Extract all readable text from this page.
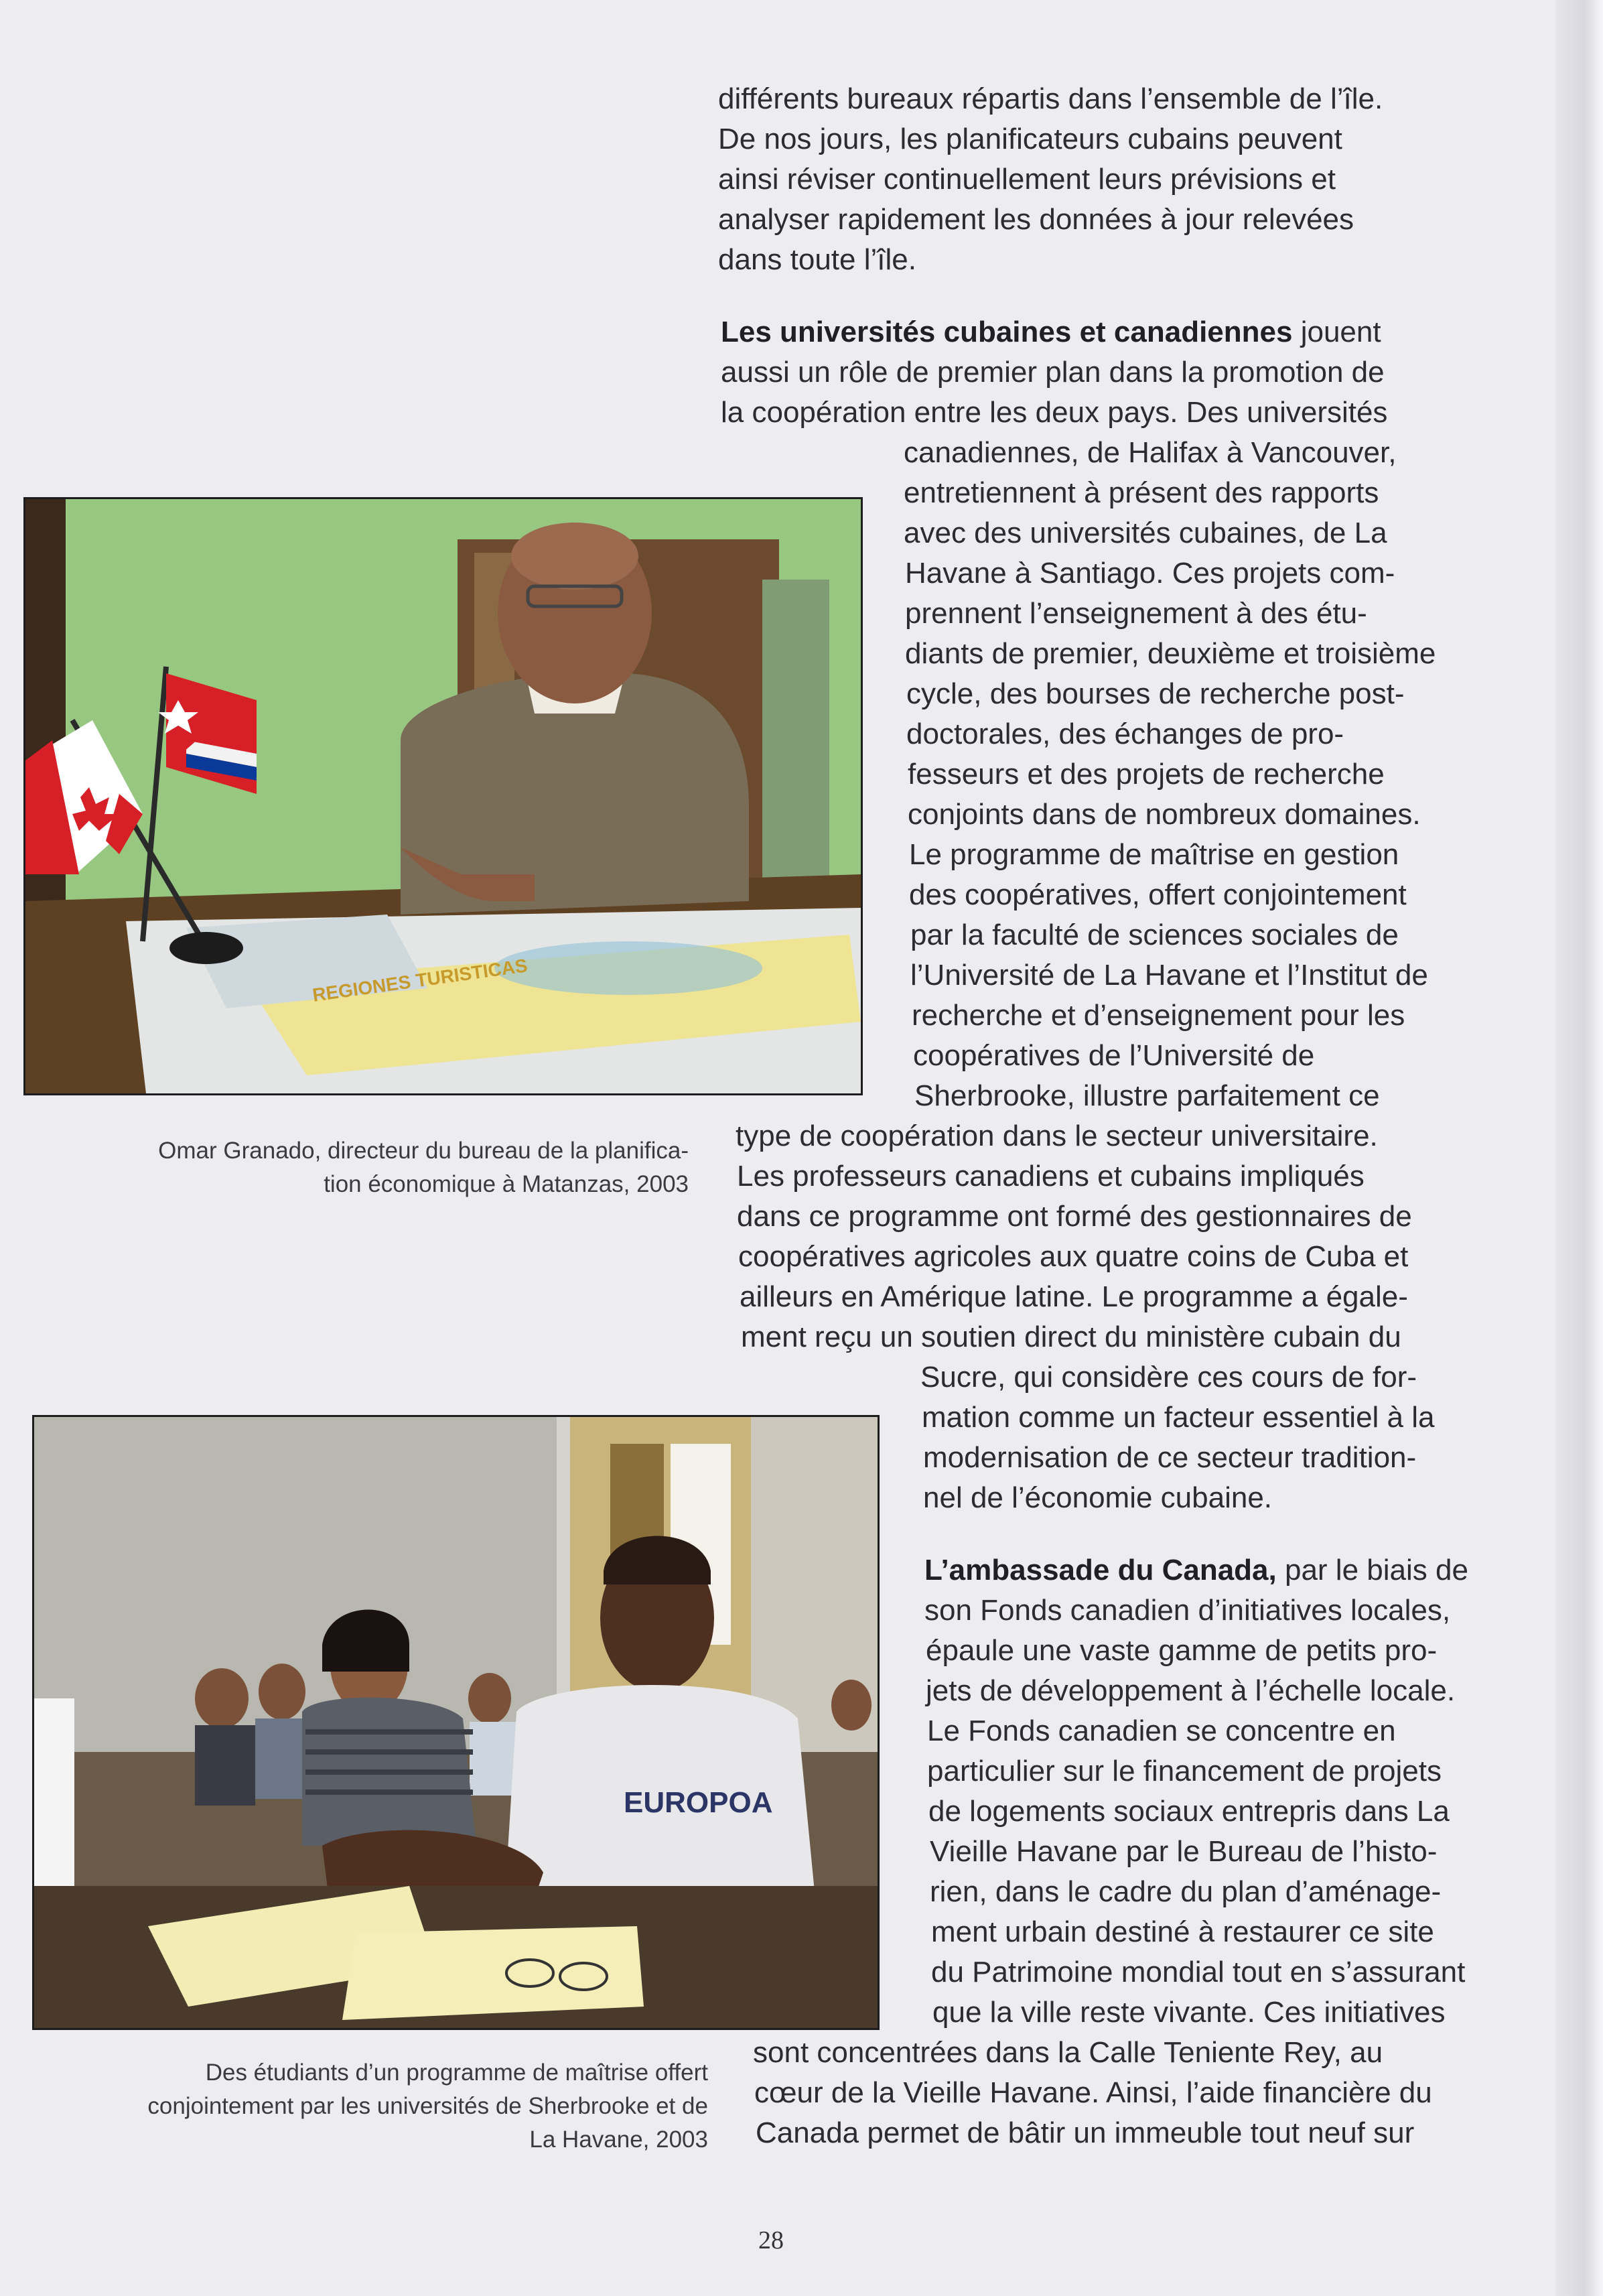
différents bureaux répartis dans l’ensemble de l’île.

De nos jours, les planificateurs cubains peuvent

ainsi réviser continuellement leurs prévisions et

analyser rapidement les données à jour relevées

dans toute l’île.

Les universités cubaines et canadiennes jouent

aussi un rôle de premier plan dans la promotion de

la coopération entre les deux pays. Des universités

canadiennes, de Halifax à Vancouver,

entretiennent à présent des rapports

avec des universités cubaines, de La

Havane à Santiago. Ces projets com-

prennent l’enseignement à des étu-

diants de premier, deuxième et troisième

cycle, des bourses de recherche post-

doctorales, des échanges de pro-

fesseurs et des projets de recherche

conjoints dans de nombreux domaines.

Le programme de maîtrise en gestion

des coopératives, offert conjointement

par la faculté de sciences sociales de

l’Université de La Havane et l’Institut de

recherche et d’enseignement pour les

coopératives de l’Université de

Sherbrooke, illustre parfaitement ce

type de coopération dans le secteur universitaire.

Les professeurs canadiens et cubains impliqués

dans ce programme ont formé des gestionnaires de

coopératives agricoles aux quatre coins de Cuba et

ailleurs en Amérique latine. Le programme a égale-

ment reçu un soutien direct du ministère cubain du

Sucre, qui considère ces cours de for-

mation comme un facteur essentiel à la

modernisation de ce secteur tradition-

nel de l’économie cubaine.

L’ambassade du Canada, par le biais de

son Fonds canadien d’initiatives locales,

épaule une vaste gamme de petits pro-

jets de développement à l’échelle locale.

Le Fonds canadien se concentre en

particulier sur le financement de projets

de logements sociaux entrepris dans La

Vieille Havane par le Bureau de l’histo-

rien, dans le cadre du plan d’aménage-

ment urbain destiné à restaurer ce site

du Patrimoine mondial tout en s’assurant

que la ville reste vivante. Ces initiatives

sont concentrées dans la Calle Teniente Rey, au

cœur de la Vieille Havane. Ainsi, l’aide financière du

Canada permet de bâtir un immeuble tout neuf sur

REGIONES TURISTICAS

Omar Granado, directeur du bureau de la planifica-

tion économique à Matanzas, 2003

EUROPOA

Des étudiants d’un programme de maîtrise offert

conjointement par les universités de Sherbrooke et de

La Havane, 2003

28
